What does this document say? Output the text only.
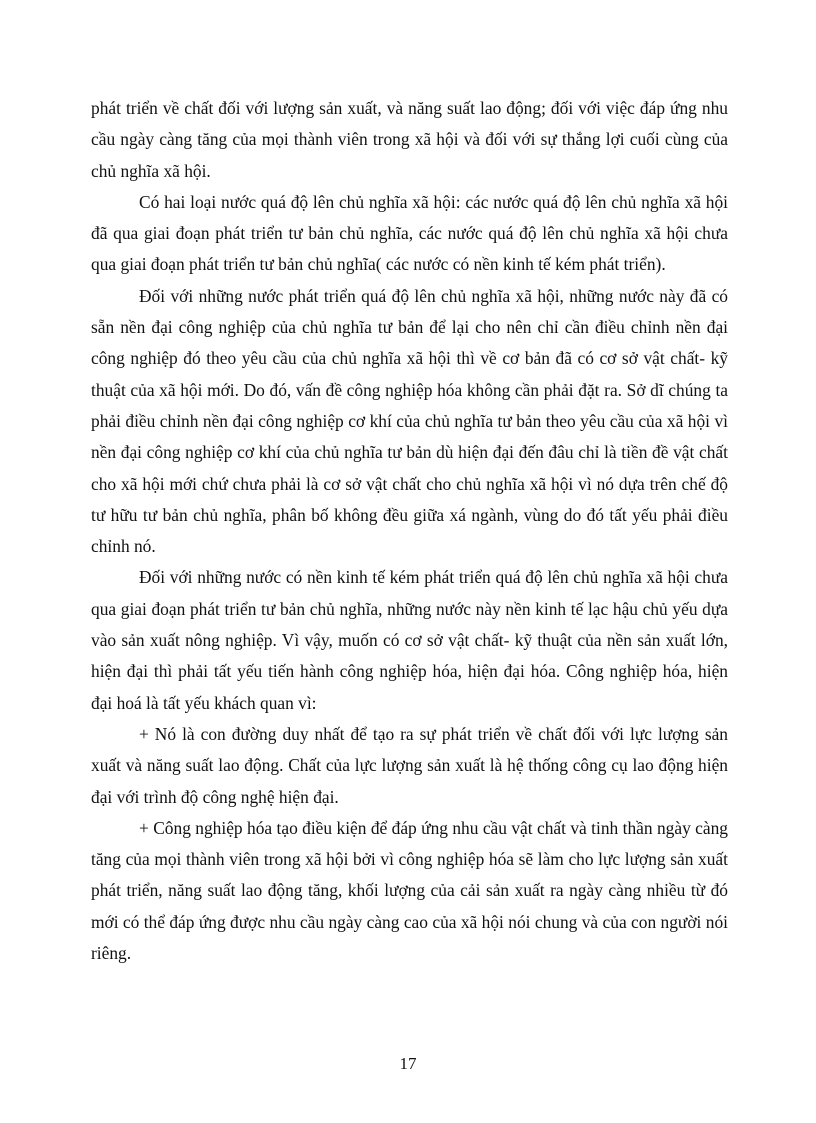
phát triển về chất đối với lượng sản xuất, và năng suất lao động; đối với việc đáp ứng nhu cầu ngày càng tăng của mọi thành viên trong xã hội và đối với sự thắng lợi cuối cùng của chủ nghĩa xã hội.

Có hai loại nước quá độ lên chủ nghĩa xã hội: các nước quá độ lên chủ nghĩa xã hội đã qua giai đoạn phát triển tư bản chủ nghĩa, các nước quá độ lên chủ nghĩa xã hội chưa qua giai đoạn phát triển tư bản chủ nghĩa( các nước có nền kinh tế kém phát triển).

Đối với những nước phát triển quá độ lên chủ nghĩa xã hội, những nước này đã có sẵn nền đại công nghiệp của chủ nghĩa tư bản để lại cho nên chỉ cần điều chỉnh nền đại công nghiệp đó theo yêu cầu của chủ nghĩa xã hội thì về cơ bản đã có cơ sở vật chất- kỹ thuật của xã hội mới. Do đó, vấn đề công nghiệp hóa không cần phải đặt ra. Sở dĩ chúng ta phải điều chỉnh nền đại công nghiệp cơ khí của chủ nghĩa tư bản theo yêu cầu của xã hội vì nền đại công nghiệp cơ khí của chủ nghĩa tư bản dù hiện đại đến đâu chỉ là tiền đề vật chất cho xã hội mới chứ chưa phải là cơ sở vật chất cho chủ nghĩa xã hội vì nó dựa trên chế độ tư hữu tư bản chủ nghĩa, phân bố không đều giữa xá ngành, vùng do đó tất yếu phải điều chỉnh nó.

Đối với những nước có nền kinh tế kém phát triển quá độ lên chủ nghĩa xã hội chưa qua giai đoạn phát triển tư bản chủ nghĩa, những nước này nền kinh tế lạc hậu chủ yếu dựa vào sản xuất nông nghiệp. Vì vậy, muốn có cơ sở vật chất- kỹ thuật của nền sản xuất lớn, hiện đại thì phải tất yếu tiến hành công nghiệp hóa, hiện đại hóa. Công nghiệp hóa, hiện đại hoá là tất yếu khách quan vì:

+ Nó là con đường duy nhất để tạo ra sự phát triển về chất đối với lực lượng sản xuất và năng suất lao động. Chất của lực lượng sản xuất là hệ thống công cụ lao động hiện đại với trình độ công nghệ hiện đại.

+ Công nghiệp hóa tạo điều kiện để đáp ứng nhu cầu vật chất và tinh thần ngày càng tăng của mọi thành viên trong xã hội bởi vì công nghiệp hóa sẽ làm cho lực lượng sản xuất phát triển, năng suất lao động tăng, khối lượng của cải sản xuất ra ngày càng nhiều từ đó mới có thể đáp ứng được nhu cầu ngày càng cao của xã hội nói chung và của con người nói riêng.

17
